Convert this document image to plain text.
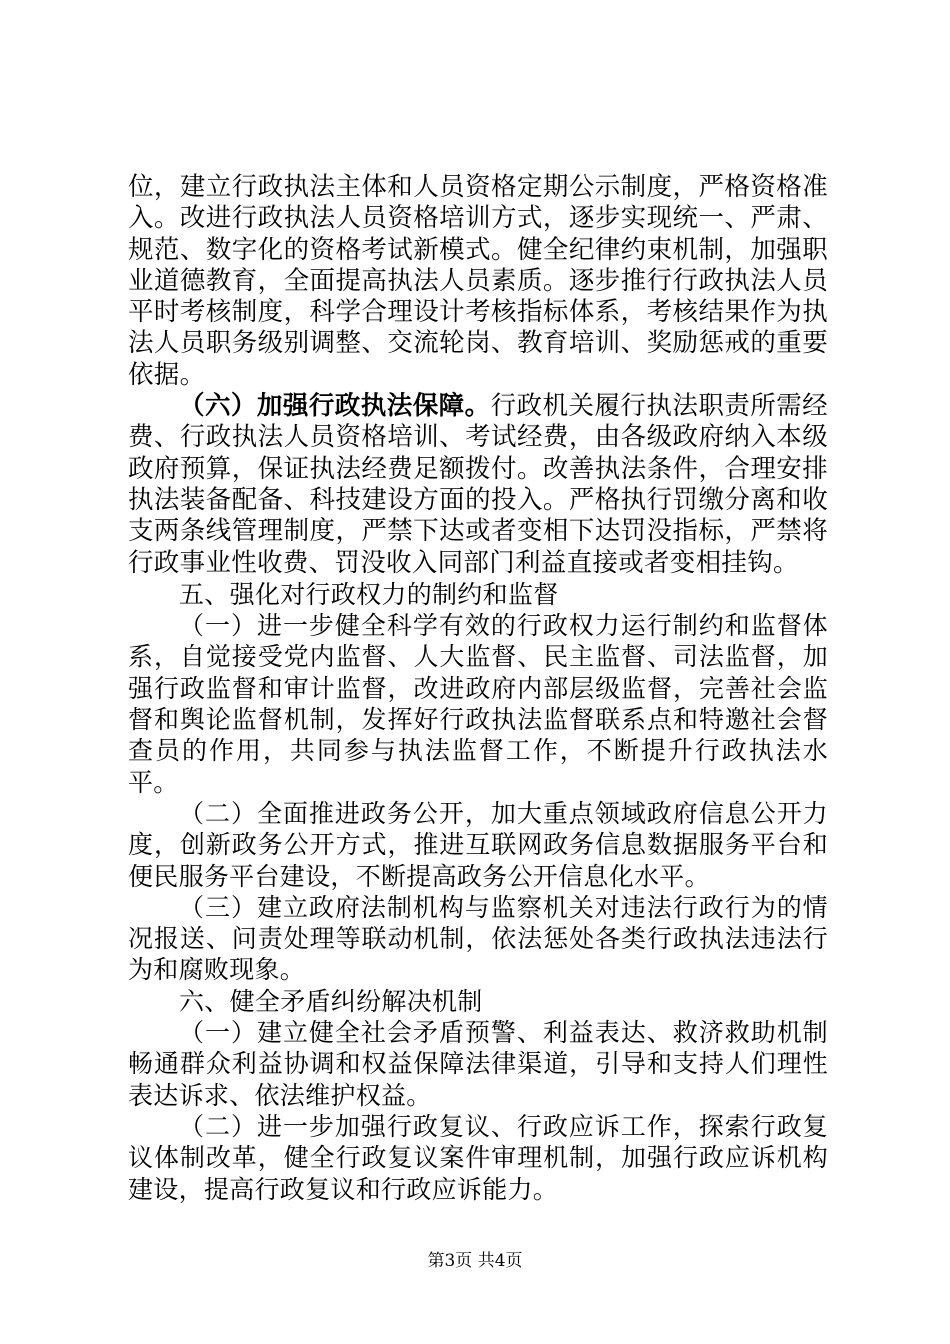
位，建立行政执法主体和人员资格定期公示制度，严格资格准入。改进行政执法人员资格培训方式，逐步实现统一、严肃、规范、数字化的资格考试新模式。健全纪律约束机制，加强职业道德教育，全面提高执法人员素质。逐步推行行政执法人员平时考核制度，科学合理设计考核指标体系，考核结果作为执法人员职务级别调整、交流轮岗、教育培训、奖励惩戒的重要依据。

（六）加强行政执法保障。行政机关履行执法职责所需经费、行政执法人员资格培训、考试经费，由各级政府纳入本级政府预算，保证执法经费足额拨付。改善执法条件，合理安排执法装备配备、科技建设方面的投入。严格执行罚缴分离和收支两条线管理制度，严禁下达或者变相下达罚没指标，严禁将行政事业性收费、罚没收入同部门利益直接或者变相挂钩。

五、强化对行政权力的制约和监督

（一）进一步健全科学有效的行政权力运行制约和监督体系，自觉接受党内监督、人大监督、民主监督、司法监督，加强行政监督和审计监督，改进政府内部层级监督，完善社会监督和舆论监督机制，发挥好行政执法监督联系点和特邀社会督查员的作用，共同参与执法监督工作，不断提升行政执法水平。

（二）全面推进政务公开，加大重点领域政府信息公开力度，创新政务公开方式，推进互联网政务信息数据服务平台和便民服务平台建设，不断提高政务公开信息化水平。

（三）建立政府法制机构与监察机关对违法行政行为的情况报送、问责处理等联动机制，依法惩处各类行政执法违法行为和腐败现象。

六、健全矛盾纠纷解决机制

（一）建立健全社会矛盾预警、利益表达、救济救助机制畅通群众利益协调和权益保障法律渠道，引导和支持人们理性表达诉求、依法维护权益。

（二）进一步加强行政复议、行政应诉工作，探索行政复议体制改革，健全行政复议案件审理机制，加强行政应诉机构建设，提高行政复议和行政应诉能力。

第3页 共4页
